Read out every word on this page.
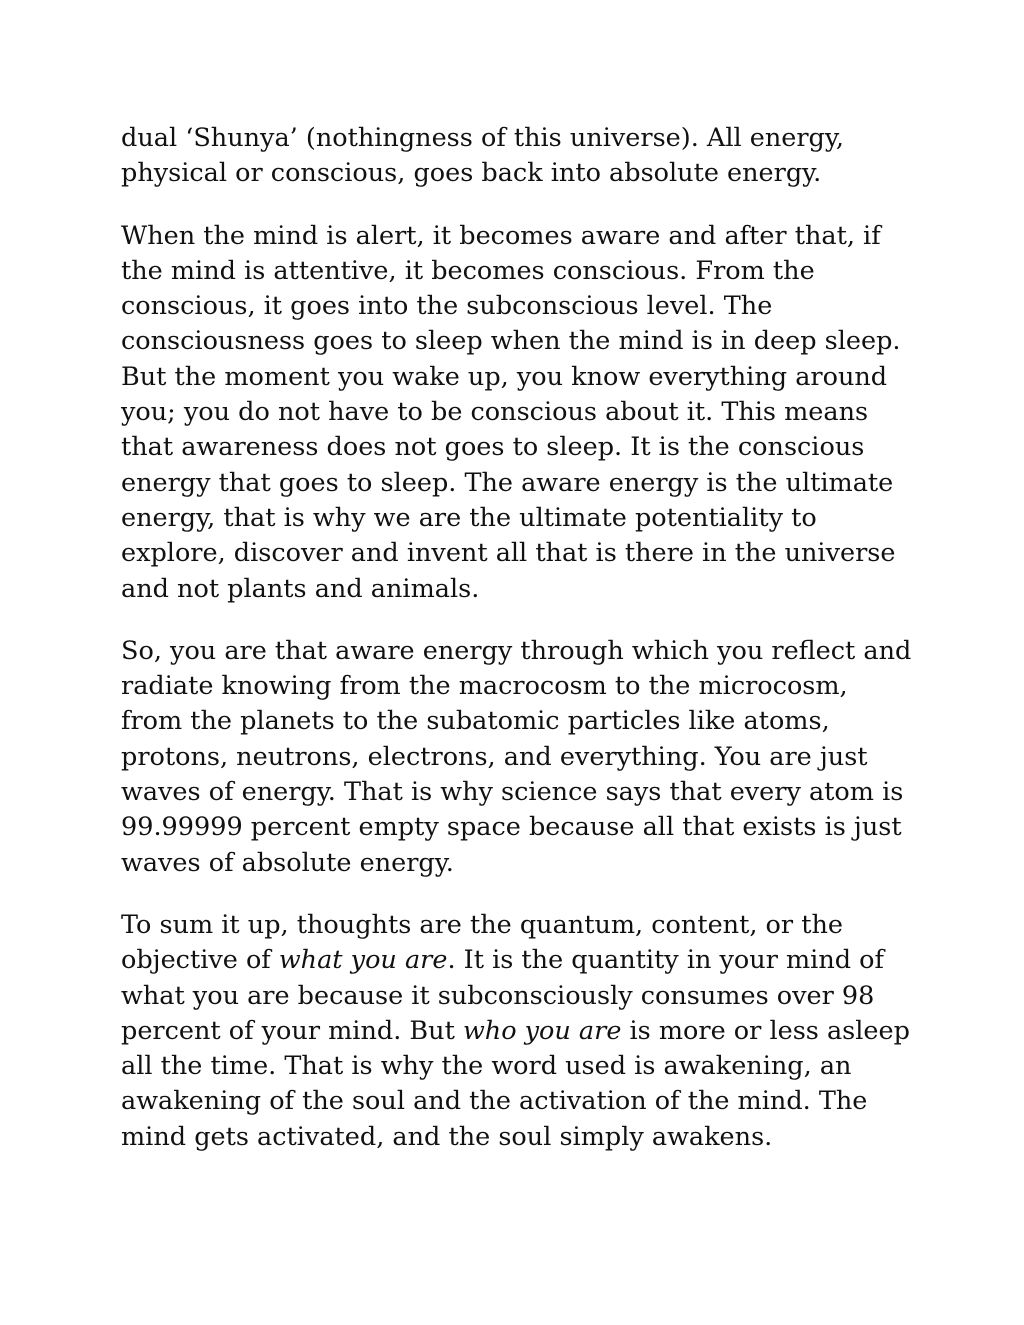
dual ‘Shunya’ (nothingness of this universe). All energy,
physical or conscious, goes back into absolute energy.

When the mind is alert, it becomes aware and after that, if
the mind is attentive, it becomes conscious. From the
conscious, it goes into the subconscious level. The
consciousness goes to sleep when the mind is in deep sleep.
But the moment you wake up, you know everything around
you; you do not have to be conscious about it. This means
that awareness does not goes to sleep. It is the conscious
energy that goes to sleep. The aware energy is the ultimate
energy, that is why we are the ultimate potentiality to
explore, discover and invent all that is there in the universe
and not plants and animals.

So, you are that aware energy through which you reflect and
radiate knowing from the macrocosm to the microcosm,
from the planets to the subatomic particles like atoms,
protons, neutrons, electrons, and everything. You are just
waves of energy. That is why science says that every atom is
99.99999 percent empty space because all that exists is just
waves of absolute energy.

To sum it up, thoughts are the quantum, content, or the
objective of what you are. It is the quantity in your mind of
what you are because it subconsciously consumes over 98
percent of your mind. But who you are is more or less asleep
all the time. That is why the word used is awakening, an
awakening of the soul and the activation of the mind. The
mind gets activated, and the soul simply awakens.
